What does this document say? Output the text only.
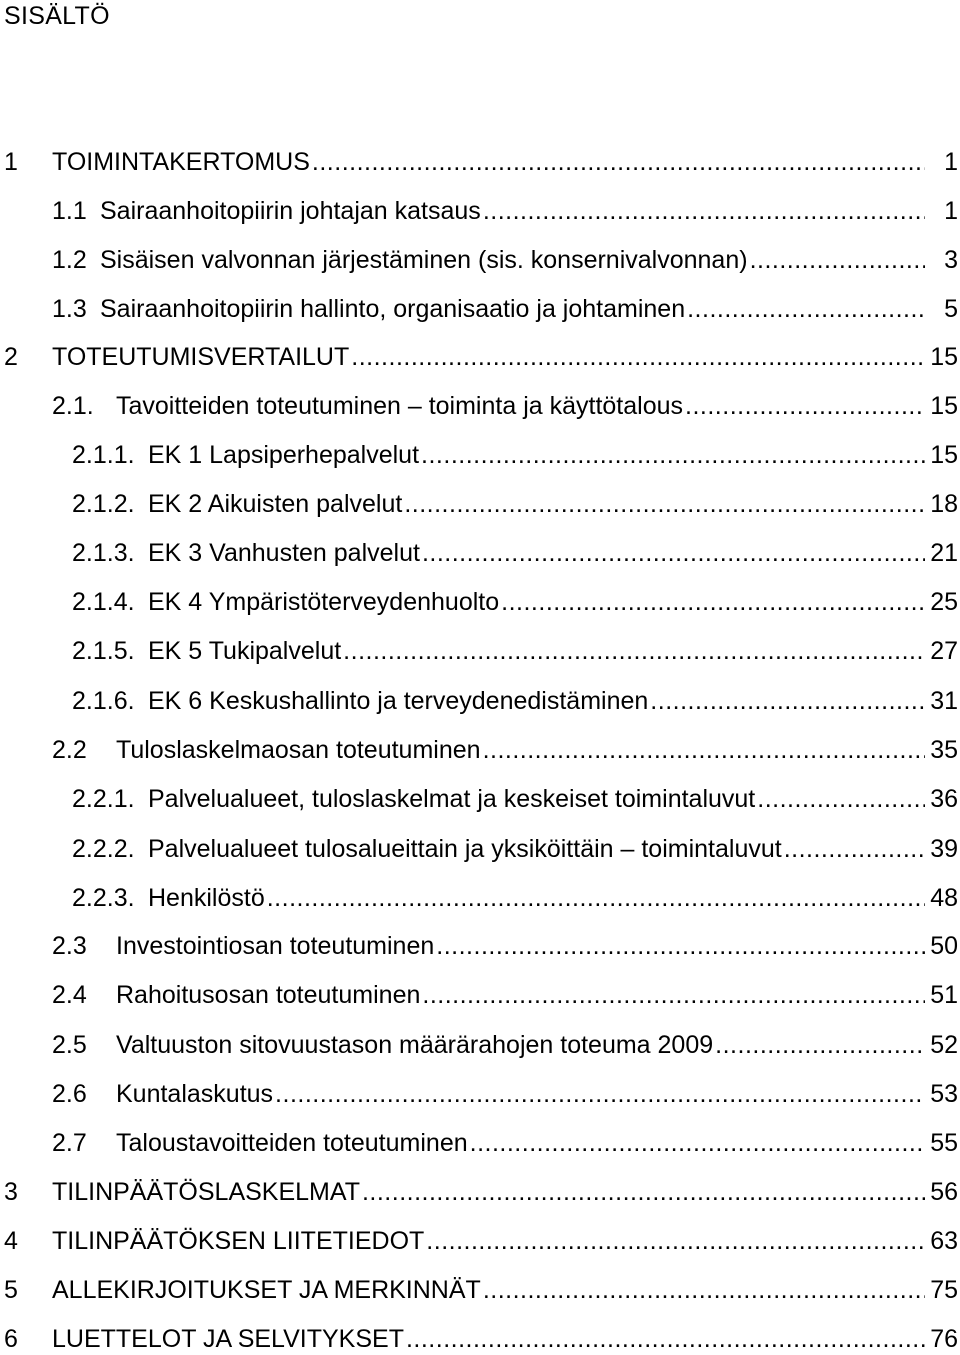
SISÄLTÖ
1 TOIMINTAKERTOMUS .....	1
1.1 Sairaanhoitopiirin johtajan katsaus .....	1
1.2 Sisäisen valvonnan järjestäminen (sis. konsernivalvonnan) .....	3
1.3 Sairaanhoitopiirin hallinto, organisaatio ja johtaminen .....	5
2 TOTEUTUMISVERTAILUT .....	15
2.1. Tavoitteiden toteutuminen – toiminta ja käyttötalous .....	15
2.1.1. EK 1 Lapsiperhepalvelut .....	15
2.1.2. EK 2 Aikuisten palvelut .....	18
2.1.3. EK 3 Vanhusten palvelut .....	21
2.1.4. EK 4 Ympäristöterveydenhuolto .....	25
2.1.5. EK 5 Tukipalvelut .....	27
2.1.6. EK 6 Keskushallinto ja terveydenedistäminen .....	31
2.2 Tuloslaskelmaosan toteutuminen .....	35
2.2.1. Palvelualueet, tuloslaskelmat ja keskeiset toimintaluvut .....	36
2.2.2. Palvelualueet tulosalueittain ja yksiköittäin – toimintaluvut .....	39
2.2.3. Henkilöstö .....	48
2.3 Investointiosan toteutuminen .....	50
2.4 Rahoitusosan toteutuminen .....	51
2.5 Valtuuston sitovuustason määrärahojen toteuma 2009 .....	52
2.6 Kuntalaskutus .....	53
2.7 Taloustavoitteiden toteutuminen .....	55
3 TILINPÄÄTÖSLASKELMAT .....	56
4 TILINPÄÄTÖKSEN LIITETIEDOT .....	63
5 ALLEKIRJOITUKSET JA MERKINNÄT .....	75
6 LUETTELOT JA SELVITYKSET .....	76
